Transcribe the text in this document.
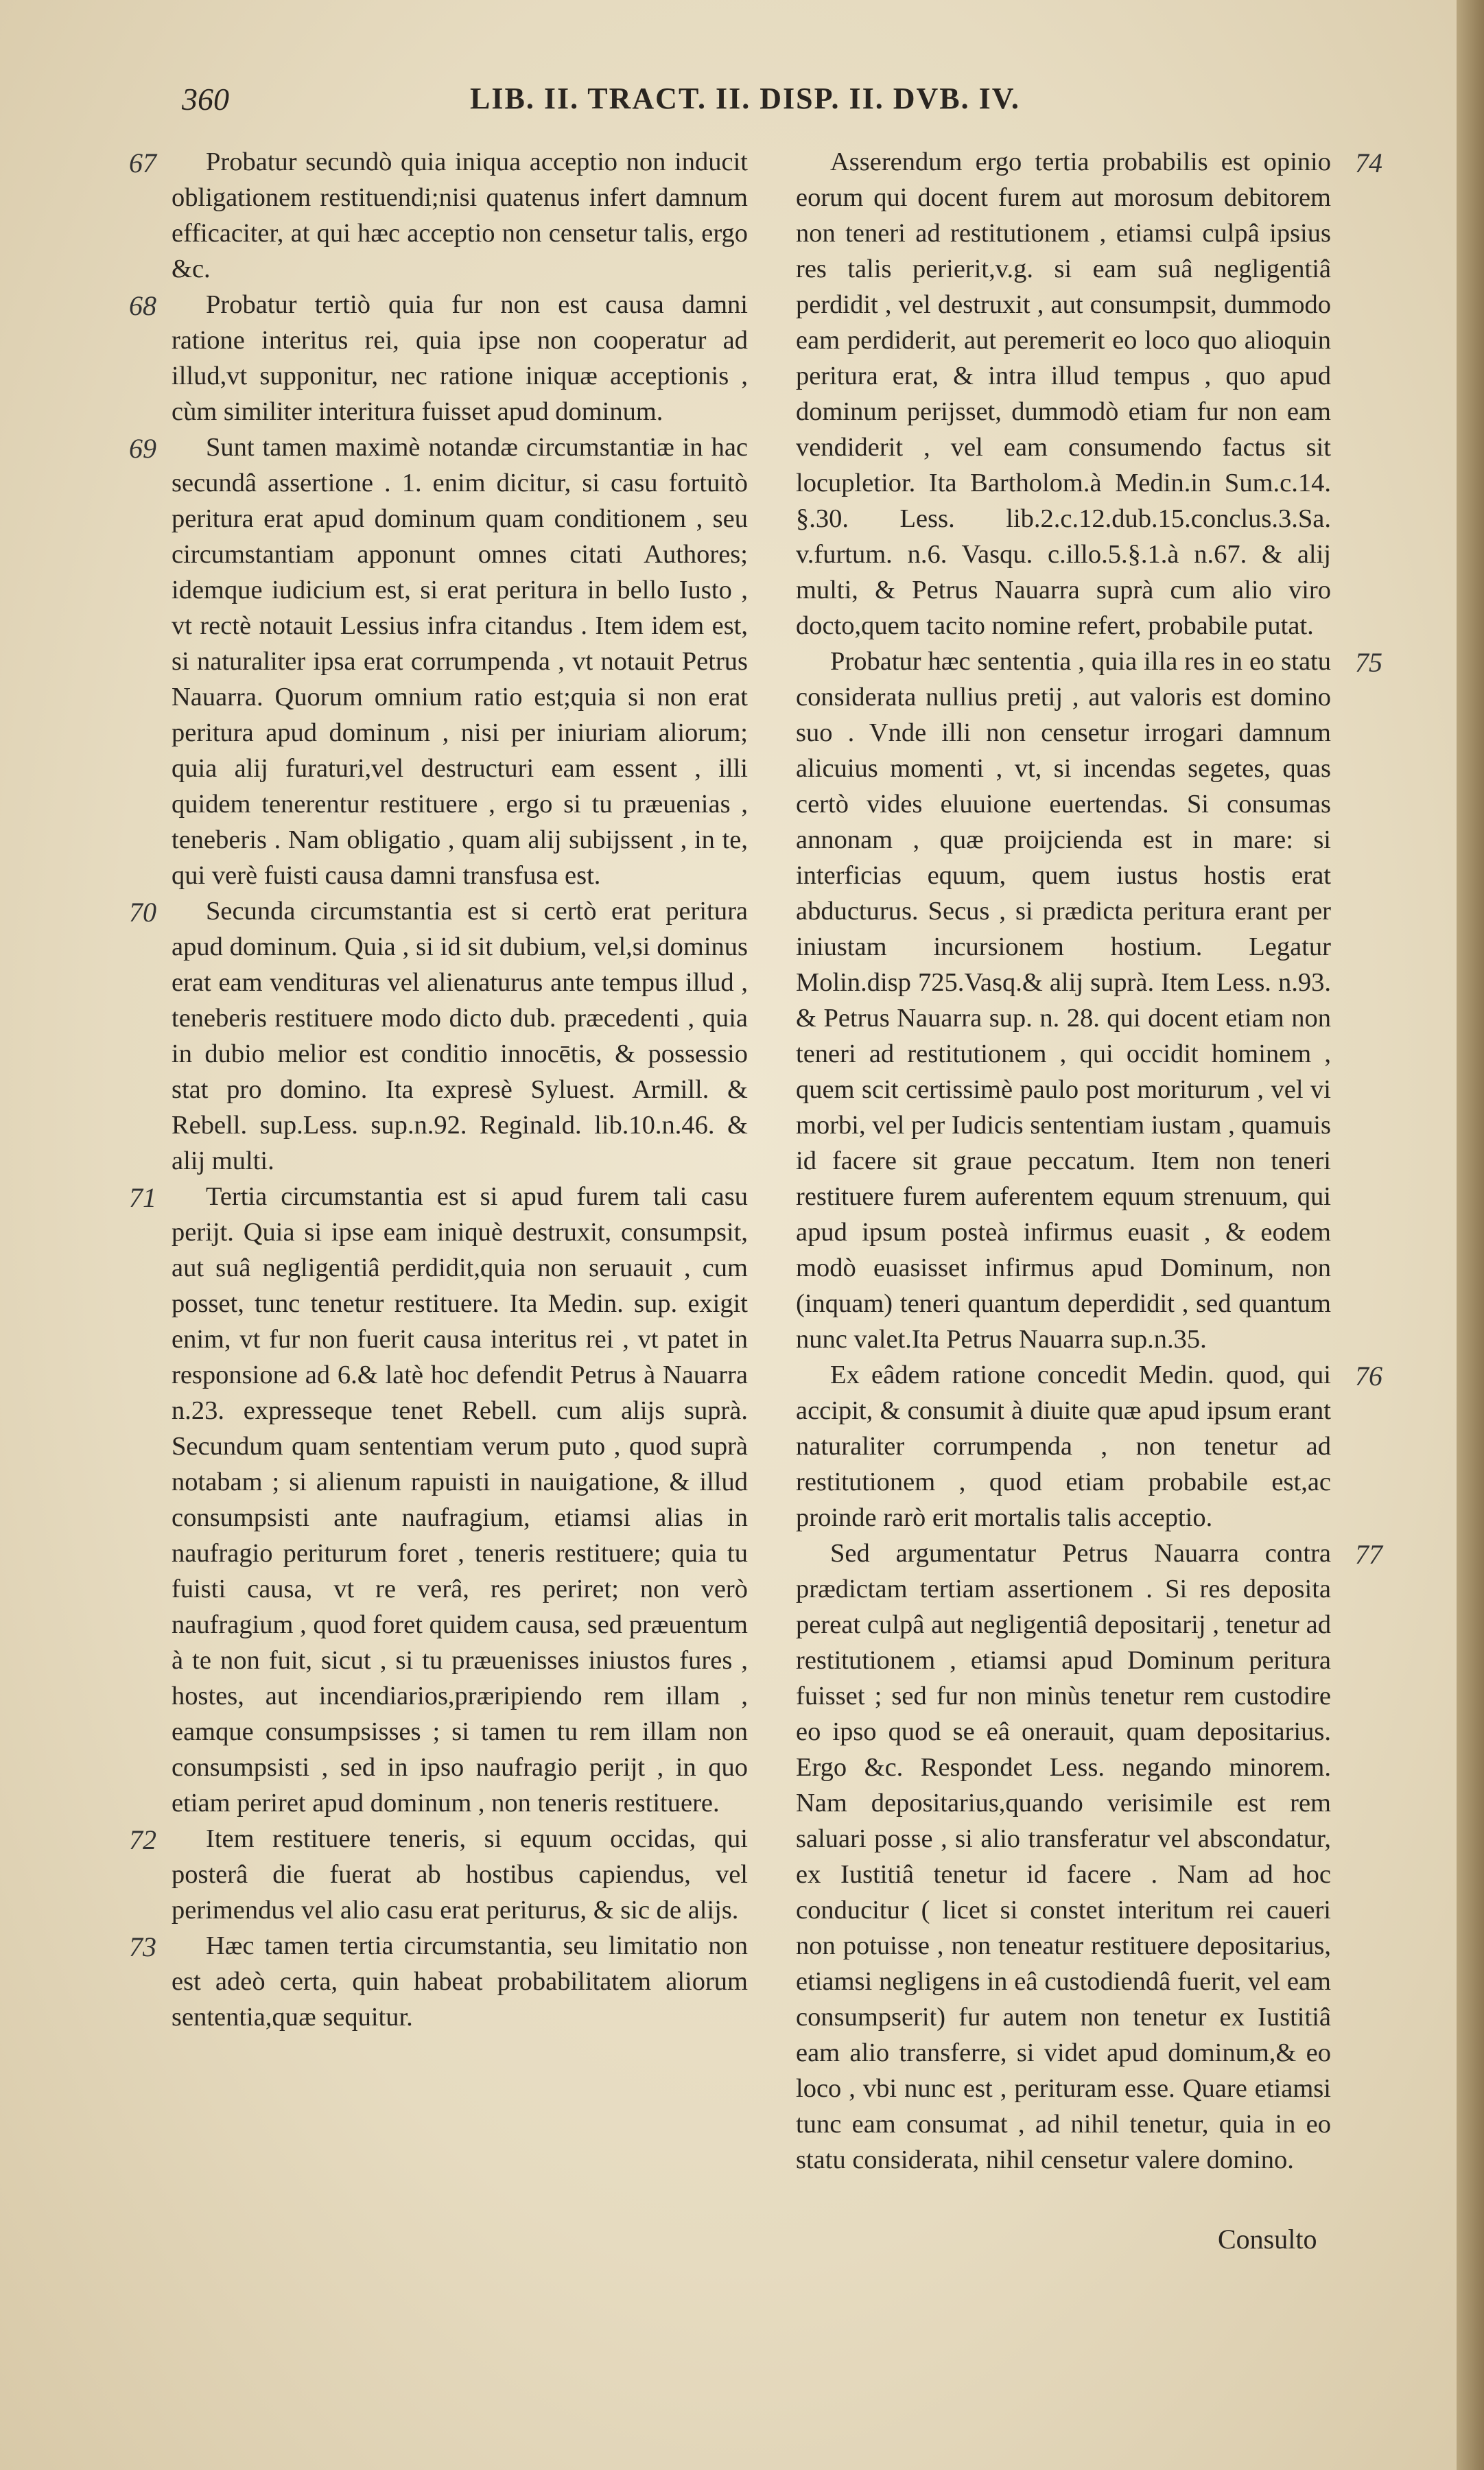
360	LIB. II. TRACT. II. DISP. II. DVB. IV.
67 Probatur secundò quia iniqua acceptio non inducit obligationem restituendi;nisi quatenus infert damnum efficaciter, at qui hæc acceptio non censetur talis, ergo &c.
68 Probatur tertiò quia fur non est causa damni ratione interitus rei, quia ipse non cooperatur ad illud,vt supponitur, nec ratione iniquæ acceptionis , cùm similiter interitura fuisset apud dominum.
69 Sunt tamen maximè notandæ circumstantiæ in hac secundâ assertione . 1. enim dicitur, si casu fortuitò peritura erat apud dominum quam conditionem , seu circumstantiam apponunt omnes citati Authores; idemque iudicium est, si erat peritura in bello Iusto , vt rectè notauit Lessius infra citandus . Item idem est, si naturaliter ipsa erat corrumpenda , vt notauit Petrus Nauarra. Quorum omnium ratio est;quia si non erat peritura apud dominum , nisi per iniuriam aliorum; quia alij furaturi,vel destructuri eam essent , illi quidem tenerentur restituere , ergo si tu præuenias , teneberis . Nam obligatio , quam alij subijssent , in te, qui verè fuisti causa damni transfusa est.
70 Secunda circumstantia est si certò erat peritura apud dominum. Quia , si id sit dubium, vel,si dominus erat eam vendituras vel alienaturus ante tempus illud , teneberis restituere modo dicto dub. præcedenti , quia in dubio melior est conditio innocētis, & possessio stat pro domino. Ita expresè Syluest. Armill. & Rebell. sup.Less. sup.n.92. Reginald. lib.10.n.46. & alij multi.
71 Tertia circumstantia est si apud furem tali casu perijt. Quia si ipse eam iniquè destruxit, consumpsit, aut suâ negligentiâ perdidit,quia non seruauit , cum posset, tunc tenetur restituere. Ita Medin. sup. exigit enim, vt fur non fuerit causa interitus rei , vt patet in responsione ad 6.& latè hoc defendit Petrus à Nauarra n.23. expresseque tenet Rebell. cum alijs suprà. Secundum quam sententiam verum puto , quod suprà notabam ; si alienum rapuisti in nauigatione, & illud consumpsisti ante naufragium, etiamsi alias in naufragio periturum foret , teneris restituere; quia tu fuisti causa, vt re verâ, res periret; non verò naufragium , quod foret quidem causa, sed præuentum à te non fuit, sicut , si tu præuenisses iniustos fures , hostes, aut incendiarios,præripiendo rem illam , eamque consumpsisses ; si tamen tu rem illam non consumpsisti , sed in ipso naufragio perijt , in quo etiam periret apud dominum , non teneris restituere.
72 Item restituere teneris, si equum occidas, qui posterâ die fuerat ab hostibus capiendus, vel perimendus vel alio casu erat periturus, & sic de alijs.
73 Hæc tamen tertia circumstantia, seu limitatio non est adeò certa, quin habeat probabilitatem aliorum sententia,quæ sequitur.
74
Asserendum ergo tertia probabilis est opinio eorum qui docent furem aut morosum debitorem non teneri ad restitutionem , etiamsi culpâ ipsius res talis perierit,v.g. si eam suâ negligentiâ perdidit , vel destruxit , aut consumpsit, dummodo eam perdiderit, aut peremerit eo loco quo alioquin peritura erat, & intra illud tempus , quo apud dominum perijsset, dummodò etiam fur non eam vendiderit , vel eam consumendo factus sit locupletior. Ita Bartholom.à Medin.in Sum.c.14. §.30. Less. lib.2.c.12.dub.15.conclus.3.Sa. v.furtum. n.6. Vasqu. c.illo.5.§.1.à n.67. & alij multi, & Petrus Nauarra suprà cum alio viro docto,quem tacito nomine refert, probabile putat.
75
Probatur hæc sententia , quia illa res in eo statu considerata nullius pretij , aut valoris est domino suo . Vnde illi non censetur irrogari damnum alicuius momenti , vt, si incendas segetes, quas certò vides eluuione euertendas. Si consumas annonam , quæ proijcienda est in mare: si interficias equum, quem iustus hostis erat abducturus. Secus , si prædicta peritura erant per iniustam incursionem hostium. Legatur Molin.disp 725.Vasq.& alij suprà. Item Less. n.93. & Petrus Nauarra sup. n. 28. qui docent etiam non teneri ad restitutionem , qui occidit hominem , quem scit certissimè paulo post moriturum , vel vi morbi, vel per Iudicis sententiam iustam , quamuis id facere sit graue peccatum. Item non teneri restituere furem auferentem equum strenuum, qui apud ipsum posteà infirmus euasit , & eodem modò euasisset infirmus apud Dominum, non (inquam) teneri quantum deperdidit , sed quantum nunc valet.Ita Petrus Nauarra sup.n.35.
76
Ex eâdem ratione concedit Medin. quod, qui accipit, & consumit à diuite quæ apud ipsum erant naturaliter corrumpenda , non tenetur ad restitutionem , quod etiam probabile est,ac proinde rarò erit mortalis talis acceptio.
77
Sed argumentatur Petrus Nauarra contra prædictam tertiam assertionem . Si res deposita pereat culpâ aut negligentiâ depositarij , tenetur ad restitutionem , etiamsi apud Dominum peritura fuisset ; sed fur non minùs tenetur rem custodire eo ipso quod se eâ onerauit, quam depositarius. Ergo &c. Respondet Less. negando minorem. Nam depositarius,quando verisimile est rem saluari posse , si alio transferatur vel abscondatur, ex Iustitiâ tenetur id facere . Nam ad hoc conducitur ( licet si constet interitum rei caueri non potuisse , non teneatur restituere depositarius, etiamsi negligens in eâ custodiendâ fuerit, vel eam consumpserit) fur autem non tenetur ex Iustitiâ eam alio transferre, si videt apud dominum,& eo loco , vbi nunc est , perituram esse. Quare etiamsi tunc eam consumat , ad nihil tenetur, quia in eo statu considerata, nihil censetur valere domino.
Consulto
